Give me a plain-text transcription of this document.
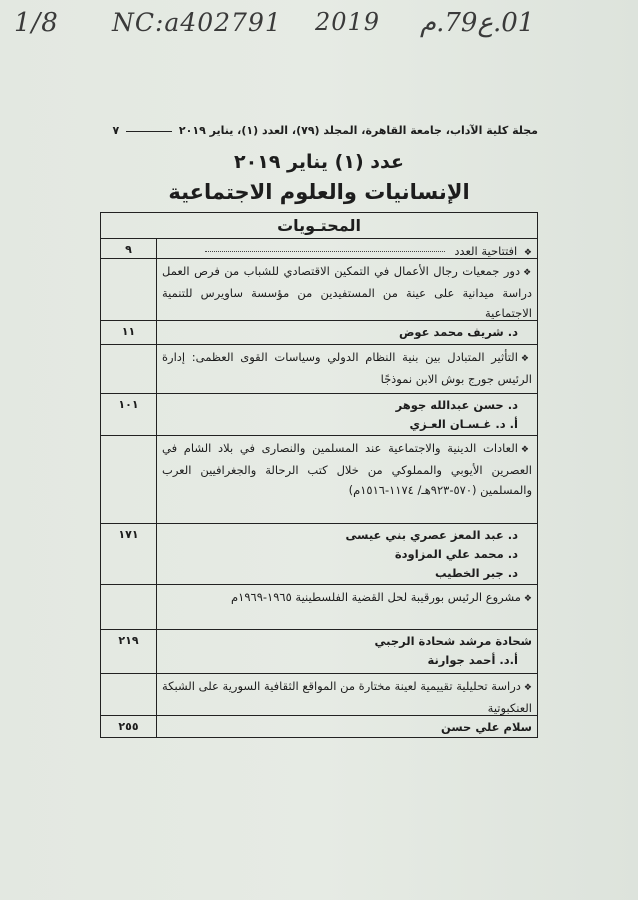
1/8 NC:a402791 2019 01.ع79.م
مجلة كلية الآداب، جامعة القاهرة، المجلد (٧٩)، العدد (١)، يناير ٢٠١٩  ٧
عدد (١) يناير ٢٠١٩
الإنسانيات والعلوم الاجتماعية
المحتـويات
❖ افتتاحية العدد
٩
❖دور جمعيات رجال الأعمال في التمكين الاقتصادي للشباب من فرص العمل دراسة ميدانية على عينة من المستفيدين من مؤسسة ساويرس للتنمية الاجتماعية
د. شريف محمد عوض
١١
❖التأثير المتبادل بين بنية النظام الدولي وسياسات القوى العظمى: إدارة الرئيس جورج بوش الابن نموذجًا
د. حسن عبدالله جوهر
أ. د. غـسـان العـزي
١٠١
❖العادات الدينية والاجتماعية عند المسلمين والنصارى في بلاد الشام في العصرين الأيوبي والمملوكي من خلال كتب الرحالة والجغرافيين العرب والمسلمين (٥٧٠-٩٢٣هـ/ ١١٧٤-١٥١٦م)
د. عبد المعز عصري بني عيسى
د. محمد علي المزاودة
د. جبر الخطيب
١٧١
❖مشروع الرئيس بورقيبة لحل القضية الفلسطينية ١٩٦٥-١٩٦٩م
شحادة مرشد شحادة الرجبي
أ.د. أحمد جوارنة
٢١٩
❖دراسة تحليلية تقييمية لعينة مختارة من المواقع الثقافية السورية على الشبكة العنكبوتية
سلام علي حسن
٢٥٥
